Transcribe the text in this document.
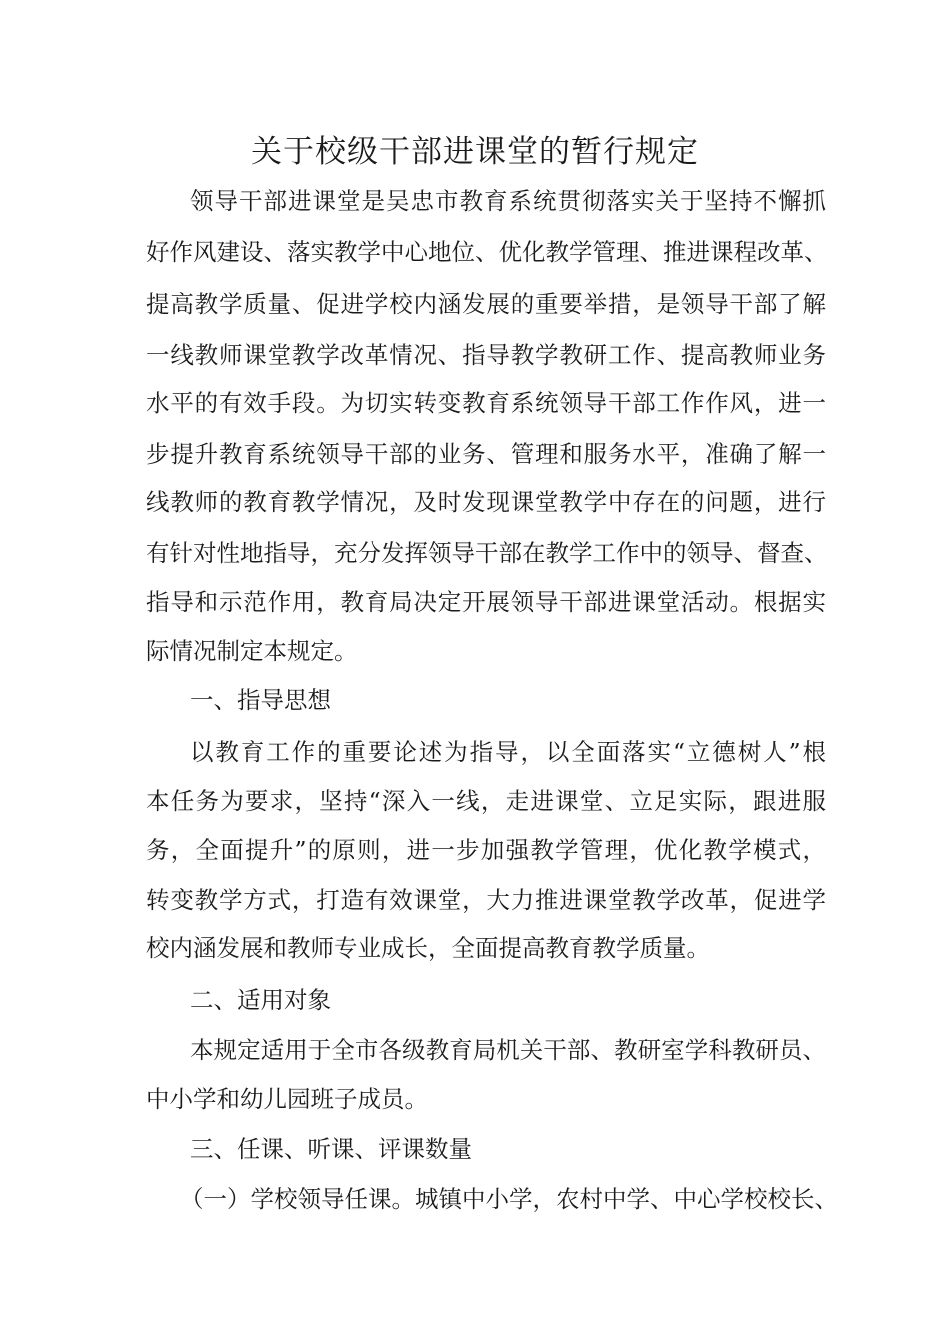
关于校级干部进课堂的暂行规定
领导干部进课堂是吴忠市教育系统贯彻落实关于坚持不懈抓
好作风建设、落实教学中心地位、优化教学管理、推进课程改革、
提高教学质量、促进学校内涵发展的重要举措，是领导干部了解
一线教师课堂教学改革情况、指导教学教研工作、提高教师业务
水平的有效手段。为切实转变教育系统领导干部工作作风，进一
步提升教育系统领导干部的业务、管理和服务水平，准确了解一
线教师的教育教学情况，及时发现课堂教学中存在的问题，进行
有针对性地指导，充分发挥领导干部在教学工作中的领导、督查、
指导和示范作用，教育局决定开展领导干部进课堂活动。根据实
际情况制定本规定。
一、指导思想
以教育工作的重要论述为指导，以全面落实“立德树人”根
本任务为要求，坚持“深入一线，走进课堂、立足实际，跟进服
务，全面提升”的原则，进一步加强教学管理，优化教学模式，
转变教学方式，打造有效课堂，大力推进课堂教学改革，促进学
校内涵发展和教师专业成长，全面提高教育教学质量。
二、适用对象
本规定适用于全市各级教育局机关干部、教研室学科教研员、
中小学和幼儿园班子成员。
三、任课、听课、评课数量
（一）学校领导任课。城镇中小学，农村中学、中心学校校长、
